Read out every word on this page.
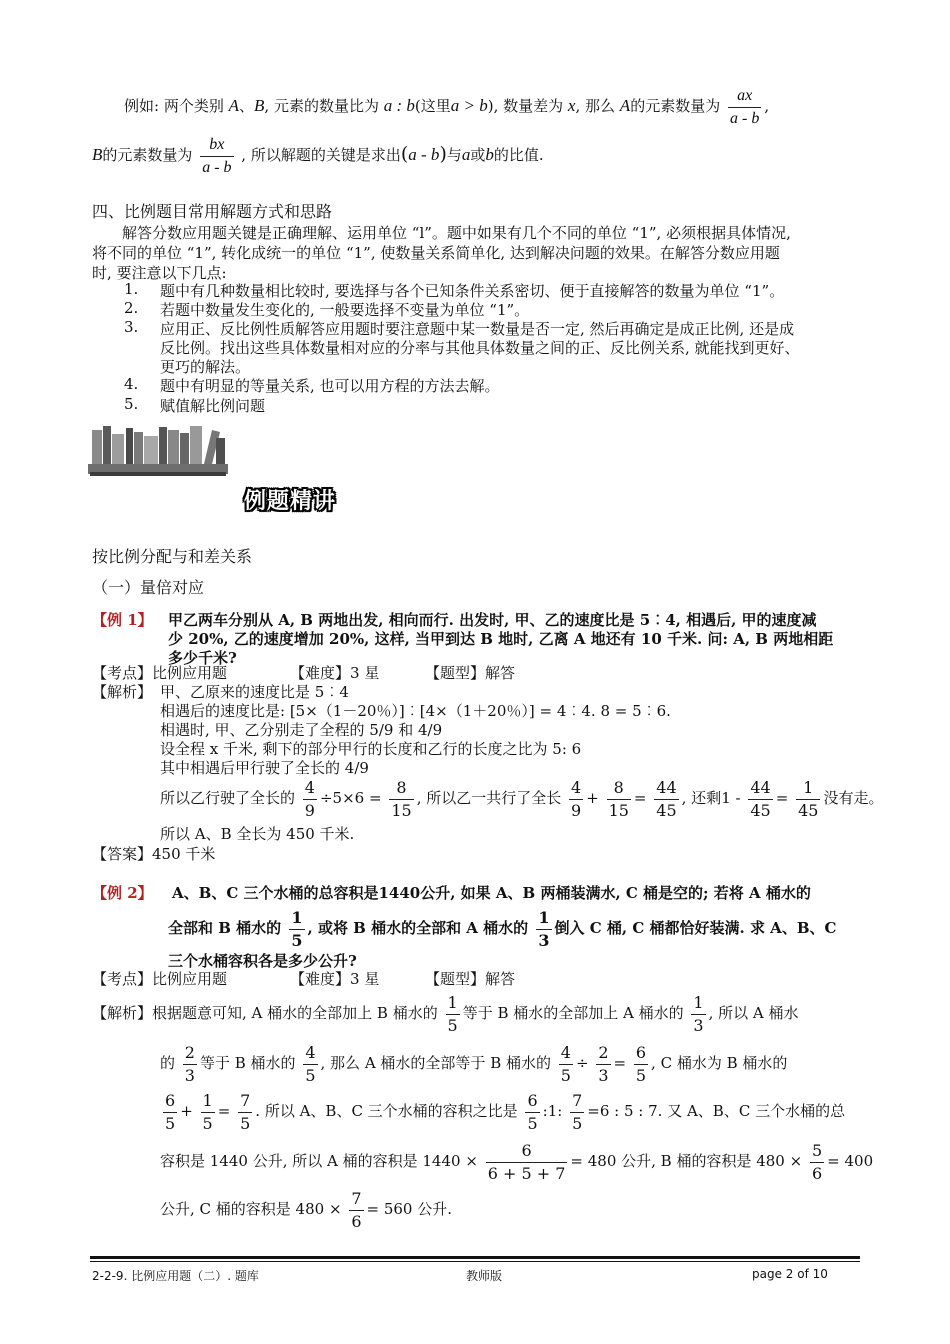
例如: 两个类别 A、B, 元素的数量比为 a : b(这里a > b), 数量差为 x, 那么 A的元素数量为 $\frac{ax}{a - b}$ ,
B的元素数量为 $\frac{bx}{a - b}$ , 所以解题的关键是求出(a - b)与a或b的比值.
四、比例题目常用解题方式和思路
解答分数应用题关键是正确理解、运用单位 “l”。题中如果有几个不同的单位 “1”, 必须根据具体情况,
将不同的单位 “1”, 转化成统一的单位 “1”, 使数量关系简单化, 达到解决问题的效果。在解答分数应用题
时, 要注意以下几点:
1. 题中有几种数量相比较时, 要选择与各个已知条件关系密切、便于直接解答的数量为单位 “1”。
2. 若题中数量发生变化的, 一般要选择不变量为单位 “1”。
3. 应用正、反比例性质解答应用题时要注意题中某一数量是否一定, 然后再确定是成正比例, 还是成
反比例。找出这些具体数量相对应的分率与其他具体数量之间的正、反比例关系, 就能找到更好、
更巧的解法。
4. 题中有明显的等量关系, 也可以用方程的方法去解。
5. 赋值解比例问题
例题精讲
按比例分配与和差关系
（一）量倍对应
【例 1】 甲乙两车分别从 A, B 两地出发, 相向而行. 出发时, 甲、乙的速度比是 5︰4, 相遇后, 甲的速度减
少 20%, 乙的速度增加 20%, 这样, 当甲到达 B 地时, 乙离 A 地还有 10 千米. 问: A, B 两地相距
多少千米?
【考点】比例应用题	【难度】3 星	【题型】解答
【解析】 甲、乙原来的速度比是 5︰4
相遇后的速度比是: [5×（1－20％）]︰[4×（1＋20％）] = 4︰4. 8 = 5︰6.
相遇时, 甲、乙分别走了全程的 5/9 和 4/9
设全程 x 千米, 剩下的部分甲行的长度和乙行的长度之比为 5: 6
其中相遇后甲行驶了全长的 4/9
所以乙行驶了全长的 $\frac{4}{9} \div 5\times 6 = \frac{8}{15}$ , 所以乙一共行了全长 $\frac{4}{9} + \frac{8}{15} = \frac{44}{45}$ , 还剩$1 - \frac{44}{45} = \frac{1}{45}$ 没有走。
所以 A、B 全长为 450 千米.
【答案】450 千米
【例 2】 A、B、C 三个水桶的总容积是1440公升, 如果 A、B 两桶装满水, C 桶是空的; 若将 A 桶水的
全部和 B 桶水的 $\frac{1}{5}$ , 或将 B 桶水的全部和 A 桶水的 $\frac{1}{3}$ 倒入 C 桶, C 桶都恰好装满. 求 A、B、C
三个水桶容积各是多少公升?
【考点】比例应用题	【难度】3 星	【题型】解答
【解析】根据题意可知, A 桶水的全部加上 B 桶水的 $\frac{1}{5}$ 等于 B 桶水的全部加上 A 桶水的 $\frac{1}{3}$ , 所以 A 桶水
的 $\frac{2}{3}$ 等于 B 桶水的 $\frac{4}{5}$ , 那么 A 桶水的全部等于 B 桶水的 $\frac{4}{5} \div \frac{2}{3} = \frac{6}{5}$ , C 桶水为 B 桶水的
$\frac{6}{5} + \frac{1}{5} = \frac{7}{5}$ . 所以 A、B、C 三个水桶的容积之比是 $\frac{6}{5}$ :1: $\frac{7}{5} =6$ : 5 : 7. 又 A、B、C 三个水桶的总
容积是 1440 公升, 所以 A 桶的容积是 $1440 \times \frac{6}{6 + 5 + 7} = 480$ 公升, B 桶的容积是 $480 \times \frac{5}{6} = 400$
公升, C 桶的容积是 $480 \times \frac{7}{6} = 560$ 公升.
2-2-9. 比例应用题（二）. 题库	教师版	page 2 of 10
